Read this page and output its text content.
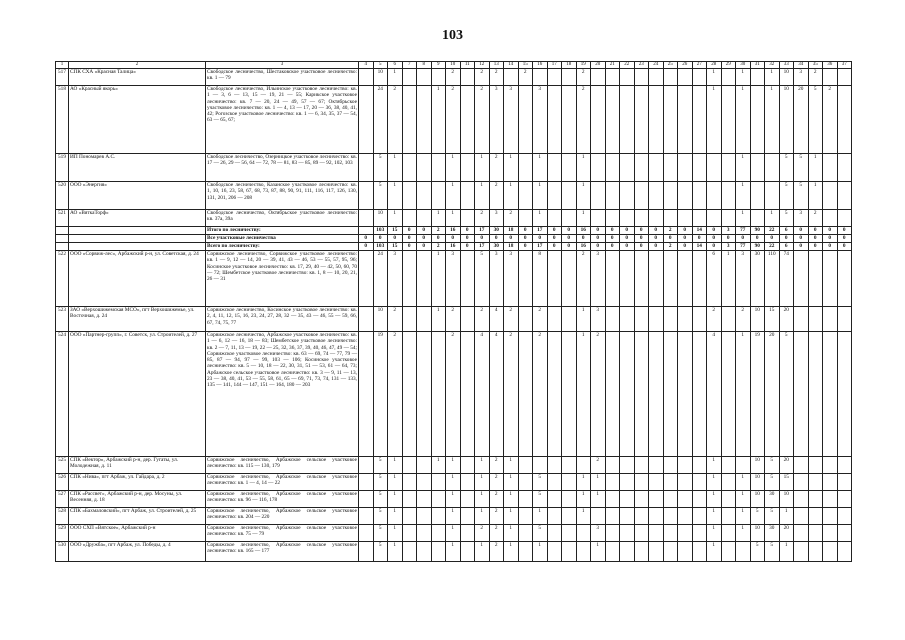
103
1	2	3	4	5	6	7	8	9	10	11	12	13	14	15	16	17	18	19	20	21	22	23	24	25	26	27	28	29	30	31	32	33	34	35	36	37
517	СПК СХА «Красная Талица»	Свободское лесничество, Шестаковское участковое лесничество: кв. 1 — 79		10	1				2		2	2		2				2									1		1		1	10	3	2		
518	АО «Красный якорь»	Свободское лесничество, Ильинское участковое лесничество: кв. 1 — 3, 6 — 13, 15 — 19, 21 — 55; Карикское участковое лесничество: кв. 7 — 20, 24 — 49, 57 — 67; Октябрьское участковое лесничество: кв. 1 — 4, 13 — 17, 20 — 36, 38, 40, 41, 42; Рогозское участковое лесничество: кв. 1 — 6, 34, 35, 37 — 54, 63 — 65, 67;		24	2			1	2		2	3	3		3			2									1		1		1	10	20	5	2	
519	ИП Пономарев А.С.	Свободское лесничество, Озерницкое участковое лесничество: кв. 17 — 26, 29 — 56, 64 — 72, 78 — 81, 83 — 85, 89 — 92, 102, 103		5	1				1		1	2	1		1			1											1			5	5	1		
520	ООО «Энергия»	Свободское лесничество, Казанское участковое лесничество: кв. 1, 10, 16, 23, 58, 67, 68, 73, 87, 88, 90, 91, 111, 116, 117, 126, 130, 131, 201, 206 — 208		5	1				1		1	2	1		1			1											1			5	5	1		
521	АО «ВяткаТорф»	Свободское лесничество, Октябрьское участковое лесничество: кв. 37а, 39а		10	1			1	1		2	3	2		1			1											1		1	5	3	2		
		Итого по лесничеству:		103	15	0	0	2	16	0	17	30	18	0	17	0	0	16	0	0	0	0	0	2	0	14	0	3	77	90	22	6	0	0	0	0
		Все участковые лесничества	0	0	0	0	0	0	0	0	0	0	0	0	0	0	0	0	0	0	0	0	0	0	0	0	0	0	0	0	0	0	0	0	0	0
		Всего по лесничеству:	0	103	15	0	0	2	16	0	17	30	18	0	17	0	0	16	0	0	0	0	0	2	0	14	0	3	77	90	22	6	0	0	0	0
522	ООО «Сорвиж-лес», Арбажский р-н, ул. Советская, д. 24	Сорвижское лесничество, Сорвижское участковое лесничество: кв. 1 — 9, 12 — 14, 20 — 39, 41, 43 — 46, 53 — 55, 57, 95, 96; Косинское участковое лесничество: кв. 17, 29, 40 — 42, 50, 60, 70 — 72; Шембетское участковое лесничество: кв. 1, 8 — 10, 20, 21, 26 — 31		24	3			1	3		5	3	3		8			2	3								6	1	3	30	110	74				
523	ЗАО «Верхошижемская МСО», пгт Верхошижемье, ул. Восточная, д. 24	Сорвижское лесничество, Косинское участковое лесничество: кв. 2, 4, 11, 12, 15, 16, 23, 24, 27, 28, 32 — 35, 43 — 46, 55 — 59, 66, 67, 74, 75, 77		10	2			1	2		2	4	2		2			1	3								2		2	10	15	20				
524	ООО «Партнер-групп», г. Советск, ул. Строителей, д. 27	Сорвижское лесничество, Арбажское участковое лесничество: кв. 1 — 6, 12 — 16, 18 — 83; Шембетское участковое лесничество: кв. 2 — 7, 11, 13 — 19, 22 — 25, 32, 36, 37, 39, 40, 46, 47, 49 — 54; Сорвижское участковое лесничество: кв. 63 — 69, 74 — 77, 79 — 85, 87 — 94, 97 — 99, 103 — 106; Косинское участковое лесничество: кв. 5 — 10, 18 — 22, 30, 31, 51 — 53, 61 — 64, 73; Арбажское сельское участковое лесничество: кв. 3 — 9, 11 — 13, 23 — 38, 40, 41, 53 — 55, 58, 61, 65 — 69, 71, 73, 74, 131 — 133, 135 — 141, 144 — 147, 151 — 164, 180 — 203		19	2				2		4	4	2		2			1	2								4		1	19	20	5				
525	СПК «Вектор», Арбажский р-н, дер. Гугаты, ул. Молодежная, д. 11	Сорвижское лесничество, Арбажское сельское участковое лесничество: кв. 115 — 130, 179		5	1			1	1		1	2	1						2								1			10	5	20				
526	СПК «Нива», пгт Арбаж, ул. Гайдара, д. 2	Сорвижское лесничество, Арбажское сельское участковое лесничество: кв. 1 — 4, 14 — 22		5	1				1		1	2	1		5			1	1								1		1	10	5	15				
527	СПК «Рассвет», Арбажский р-н, дер. Мосуны, ул. Весенняя, д. 18	Сорвижское лесничество, Арбажское сельское участковое лесничество: кв. 96 — 116, 178		5	1				1		1	2	1		5			1	1								1		1	10	30	10				
528	СПК «Бахмаловский», пгт Арбаж, ул. Строителей, д. 25	Сорвижское лесничество, Арбажское сельское участковое лесничество: кв. 204 — 220		5	1				1		1	2	1		1			1									1		1	5	5	1				
529	ООО СХП «Вятское», Арбажский р-н	Сорвижское лесничество, Арбажское сельское участковое лесничество: кв. 75 — 79		5	1				1		2	2	1		5				3								1		1	10	30	20				
530	ООО «Дружба», пгт Арбаж, ул. Победы, д. 4	Сорвижское лесничество, Арбажское сельское участковое лесничество: кв. 165 — 177		5	1				1		1	2	1		1				1								1			5	5	1				
